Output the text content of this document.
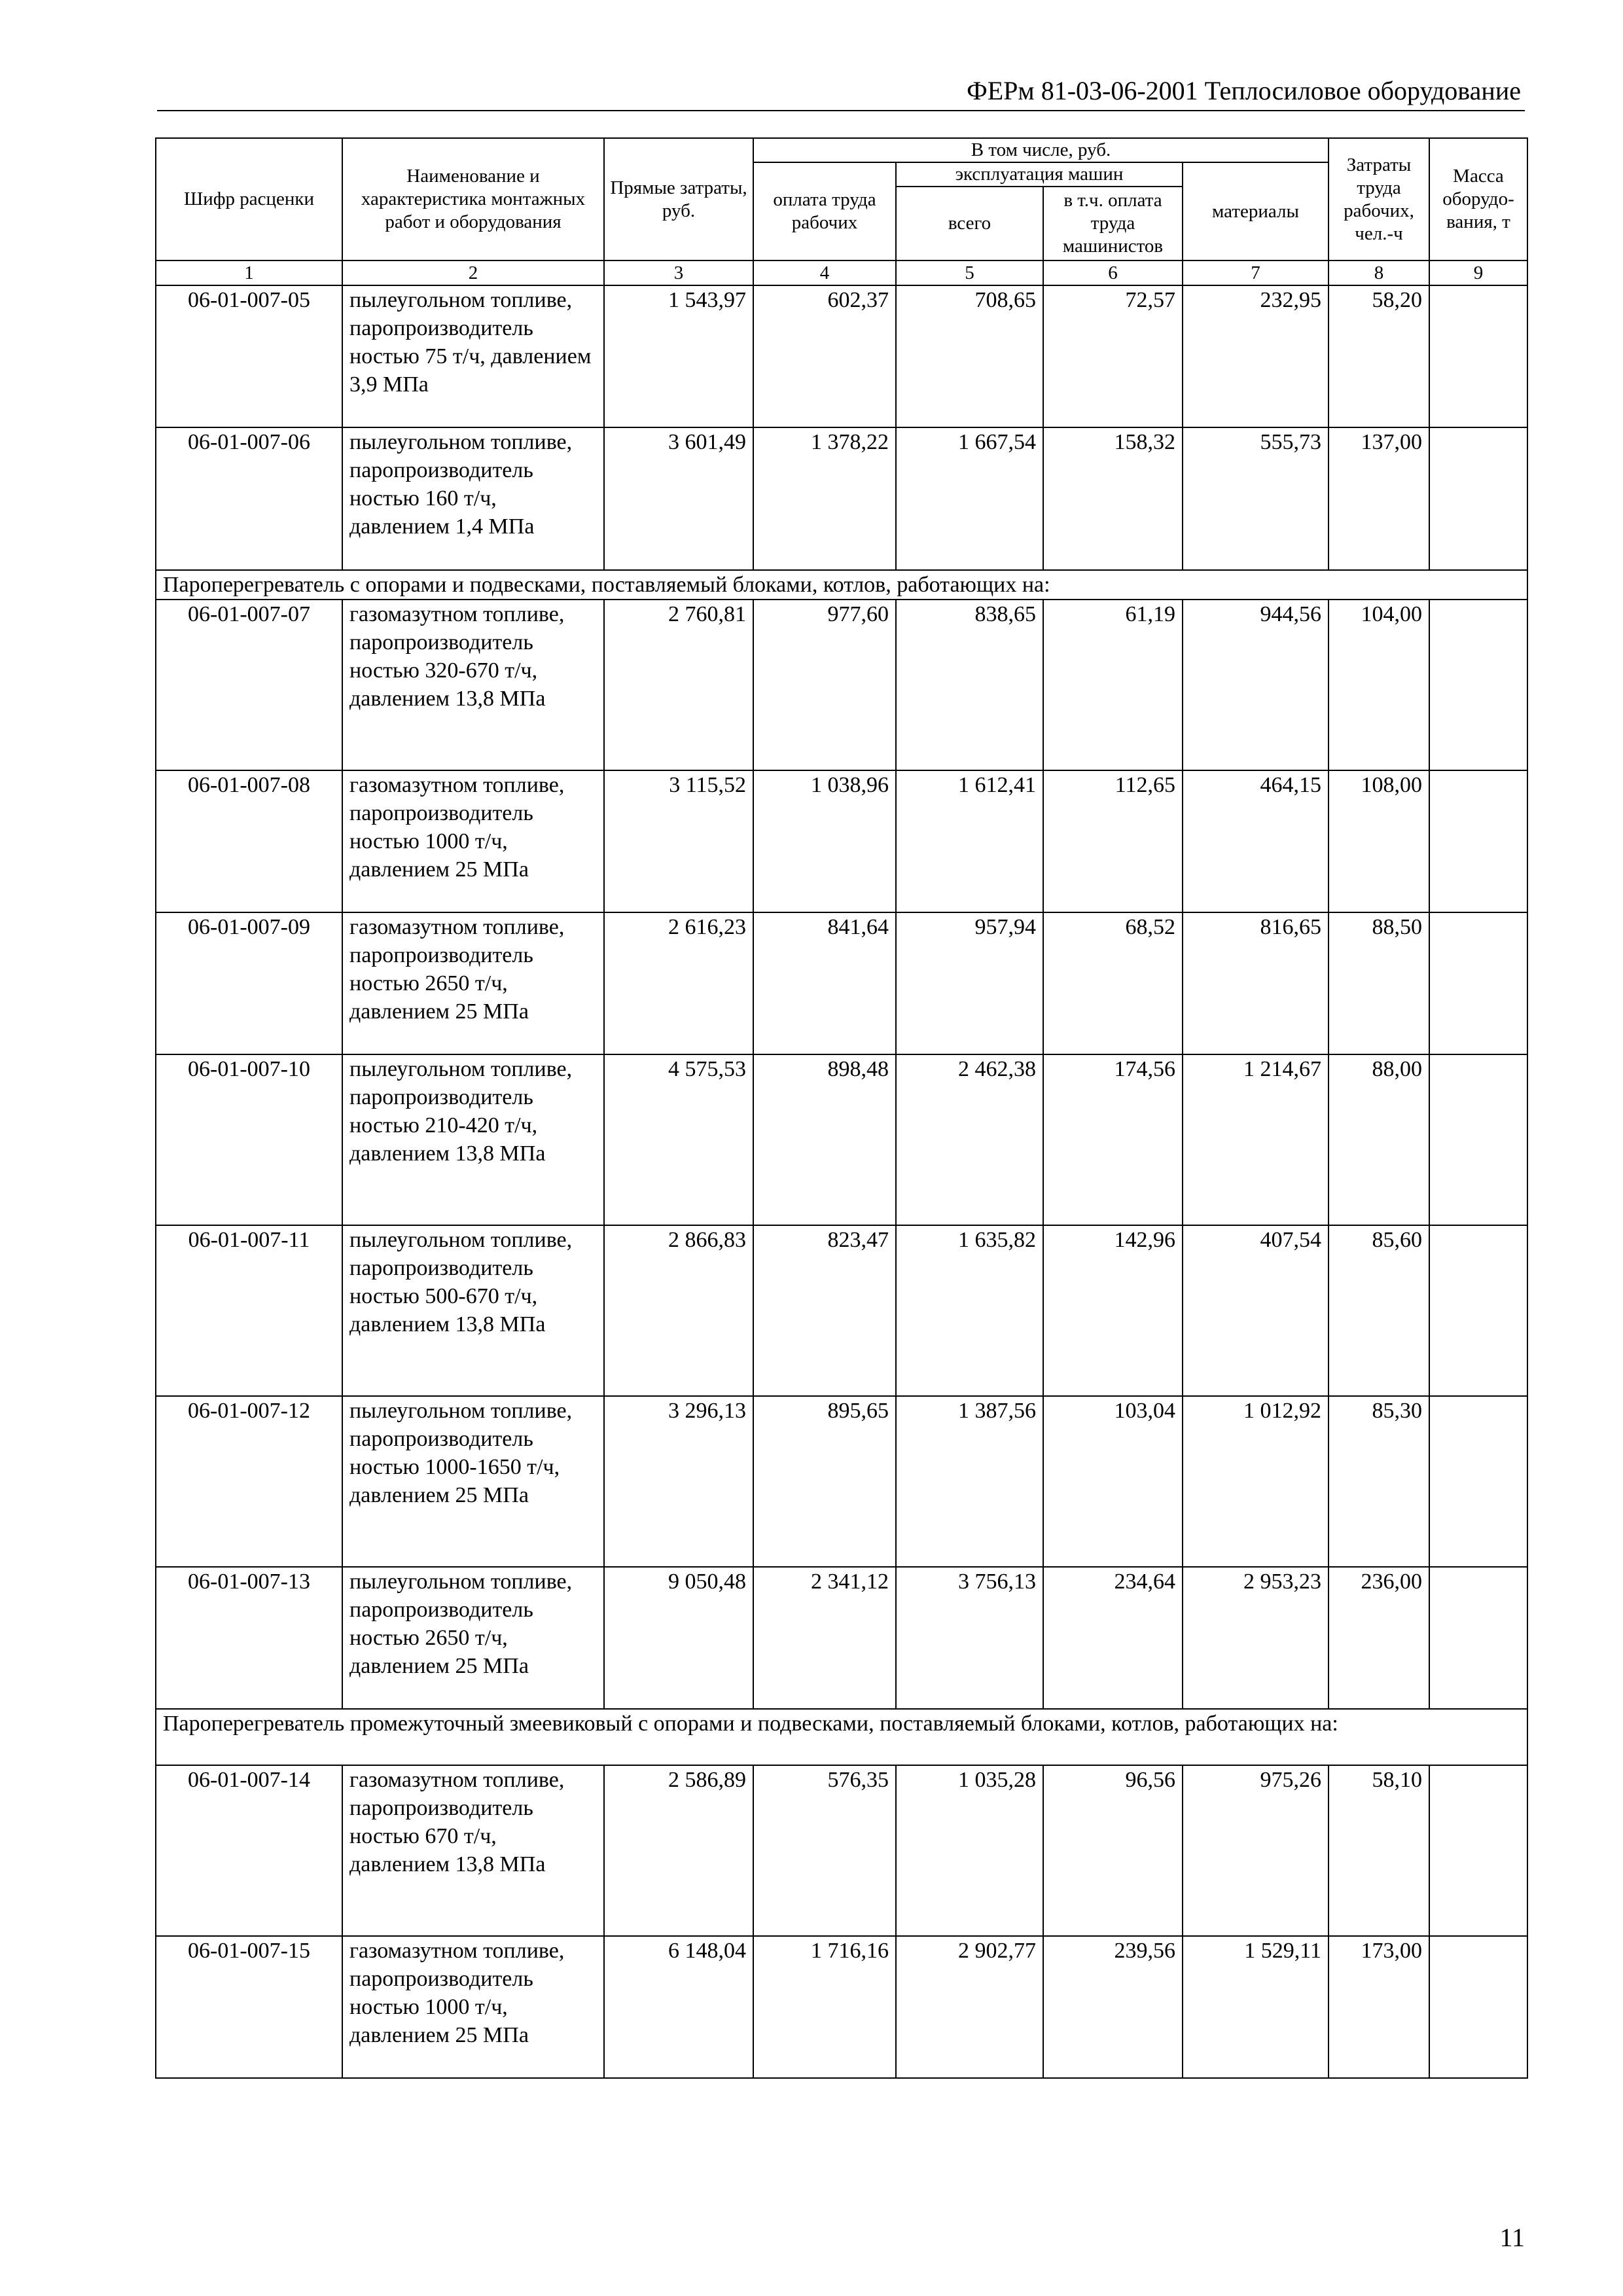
ФЕРм 81-03-06-2001 Теплосиловое оборудование
Шифр расценки	Наименование и характеристика монтажных работ и оборудования	Прямые затраты, руб.	В том числе, руб.				Затраты труда рабочих, чел.-ч	Масса оборудо-вания, т
			оплата труда рабочих	эксплуатация машин		материалы		
				всего	в т.ч. оплата труда машинистов			
1	2	3	4	5	6	7	8	9
06-01-007-05	пылеугольном топливе, паропроизводитель ностью 75 т/ч, давлением 3,9 МПа	1 543,97	602,37	708,65	72,57	232,95	58,20	
06-01-007-06	пылеугольном топливе, паропроизводитель ностью 160 т/ч, давлением 1,4 МПа	3 601,49	1 378,22	1 667,54	158,32	555,73	137,00	
Пароперегреватель с опорами и подвесками, поставляемый блоками, котлов, работающих на:								
06-01-007-07	газомазутном топливе, паропроизводитель ностью 320-670 т/ч, давлением 13,8 МПа	2 760,81	977,60	838,65	61,19	944,56	104,00	
06-01-007-08	газомазутном топливе, паропроизводитель ностью 1000 т/ч, давлением 25 МПа	3 115,52	1 038,96	1 612,41	112,65	464,15	108,00	
06-01-007-09	газомазутном топливе, паропроизводитель ностью 2650 т/ч, давлением 25 МПа	2 616,23	841,64	957,94	68,52	816,65	88,50	
06-01-007-10	пылеугольном топливе, паропроизводитель ностью 210-420 т/ч, давлением 13,8 МПа	4 575,53	898,48	2 462,38	174,56	1 214,67	88,00	
06-01-007-11	пылеугольном топливе, паропроизводитель ностью 500-670 т/ч, давлением 13,8 МПа	2 866,83	823,47	1 635,82	142,96	407,54	85,60	
06-01-007-12	пылеугольном топливе, паропроизводитель ностью 1000-1650 т/ч, давлением 25 МПа	3 296,13	895,65	1 387,56	103,04	1 012,92	85,30	
06-01-007-13	пылеугольном топливе, паропроизводитель ностью 2650 т/ч, давлением 25 МПа	9 050,48	2 341,12	3 756,13	234,64	2 953,23	236,00	
Пароперегреватель промежуточный змеевиковый с опорами и подвесками, поставляемый блоками, котлов, работающих на:								
06-01-007-14	газомазутном топливе, паропроизводитель ностью 670 т/ч, давлением 13,8 МПа	2 586,89	576,35	1 035,28	96,56	975,26	58,10	
06-01-007-15	газомазутном топливе, паропроизводитель ностью 1000 т/ч, давлением 25 МПа	6 148,04	1 716,16	2 902,77	239,56	1 529,11	173,00	
11
